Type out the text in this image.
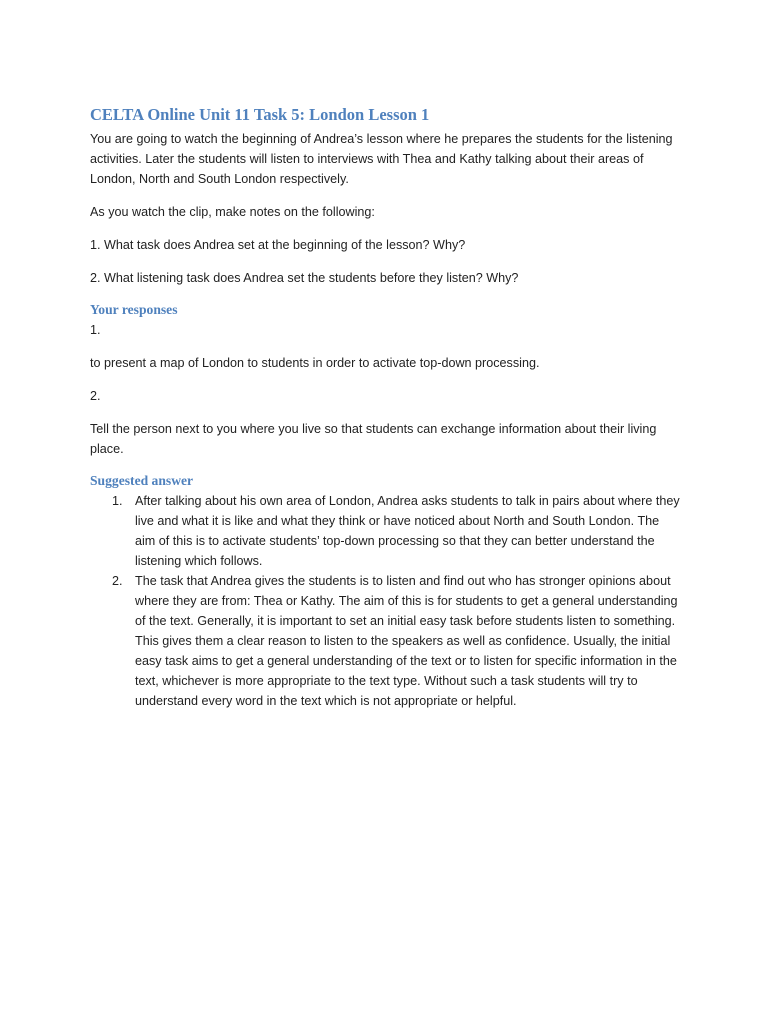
CELTA Online Unit 11 Task 5: London Lesson 1

You are going to watch the beginning of Andrea’s lesson where he prepares the students for the listening activities. Later the students will listen to interviews with Thea and Kathy talking about their areas of London, North and South London respectively.

As you watch the clip, make notes on the following:

1. What task does Andrea set at the beginning of the lesson? Why?

2. What listening task does Andrea set the students before they listen? Why?

Your responses

1.

to present a map of London to students in order to activate top-down processing.

2.

Tell the person next to you where you live so that students can exchange information about their living place.

Suggested answer
1. After talking about his own area of London, Andrea asks students to talk in pairs about where they live and what it is like and what they think or have noticed about North and South London. The aim of this is to activate students’ top-down processing so that they can better understand the listening which follows.
2. The task that Andrea gives the students is to listen and find out who has stronger opinions about where they are from: Thea or Kathy. The aim of this is for students to get a general understanding of the text. Generally, it is important to set an initial easy task before students listen to something. This gives them a clear reason to listen to the speakers as well as confidence. Usually, the initial easy task aims to get a general understanding of the text or to listen for specific information in the text, whichever is more appropriate to the text type. Without such a task students will try to understand every word in the text which is not appropriate or helpful.
